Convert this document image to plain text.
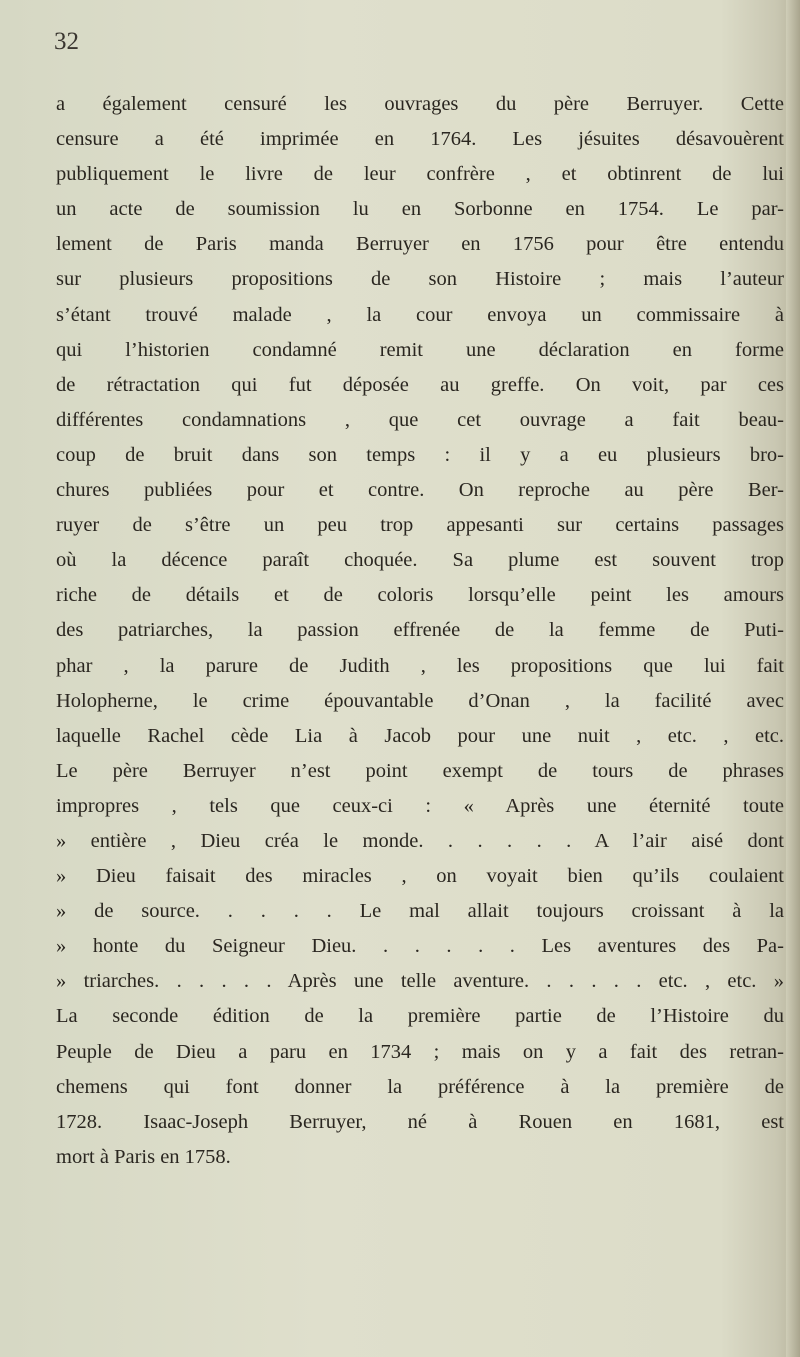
32
a également censuré les ouvrages du père Berruyer. Cette
censure a été imprimée en 1764. Les jésuites désavouèrent
publiquement le livre de leur confrère , et obtinrent de lui
un acte de soumission lu en Sorbonne en 1754. Le par-
lement de Paris manda Berruyer en 1756 pour être entendu
sur plusieurs propositions de son Histoire ; mais l’auteur
s’étant trouvé malade , la cour envoya un commissaire à
qui l’historien condamné remit une déclaration en forme
de rétractation qui fut déposée au greffe. On voit, par ces
différentes condamnations , que cet ouvrage a fait beau-
coup de bruit dans son temps : il y a eu plusieurs bro-
chures publiées pour et contre. On reproche au père Ber-
ruyer de s’être un peu trop appesanti sur certains passages
où la décence paraît choquée. Sa plume est souvent trop
riche de détails et de coloris lorsqu’elle peint les amours
des patriarches, la passion effrenée de la femme de Puti-
phar , la parure de Judith , les propositions que lui fait
Holopherne, le crime épouvantable d’Onan , la facilité avec
laquelle Rachel cède Lia à Jacob pour une nuit , etc. , etc.
Le père Berruyer n’est point exempt de tours de phrases
impropres , tels que ceux-ci : « Après une éternité toute
» entière , Dieu créa le monde. . . . . . A l’air aisé dont
» Dieu faisait des miracles , on voyait bien qu’ils coulaient
» de source. . . . . Le mal allait toujours croissant à la
» honte du Seigneur Dieu. . . . . . Les aventures des Pa-
» triarches. . . . . . Après une telle aventure. . . . . . etc. , etc. »
La seconde édition de la première partie de l’Histoire du
Peuple de Dieu a paru en 1734 ; mais on y a fait des retran-
chemens qui font donner la préférence à la première de
1728. Isaac-Joseph Berruyer, né à Rouen en 1681, est
mort à Paris en 1758.
